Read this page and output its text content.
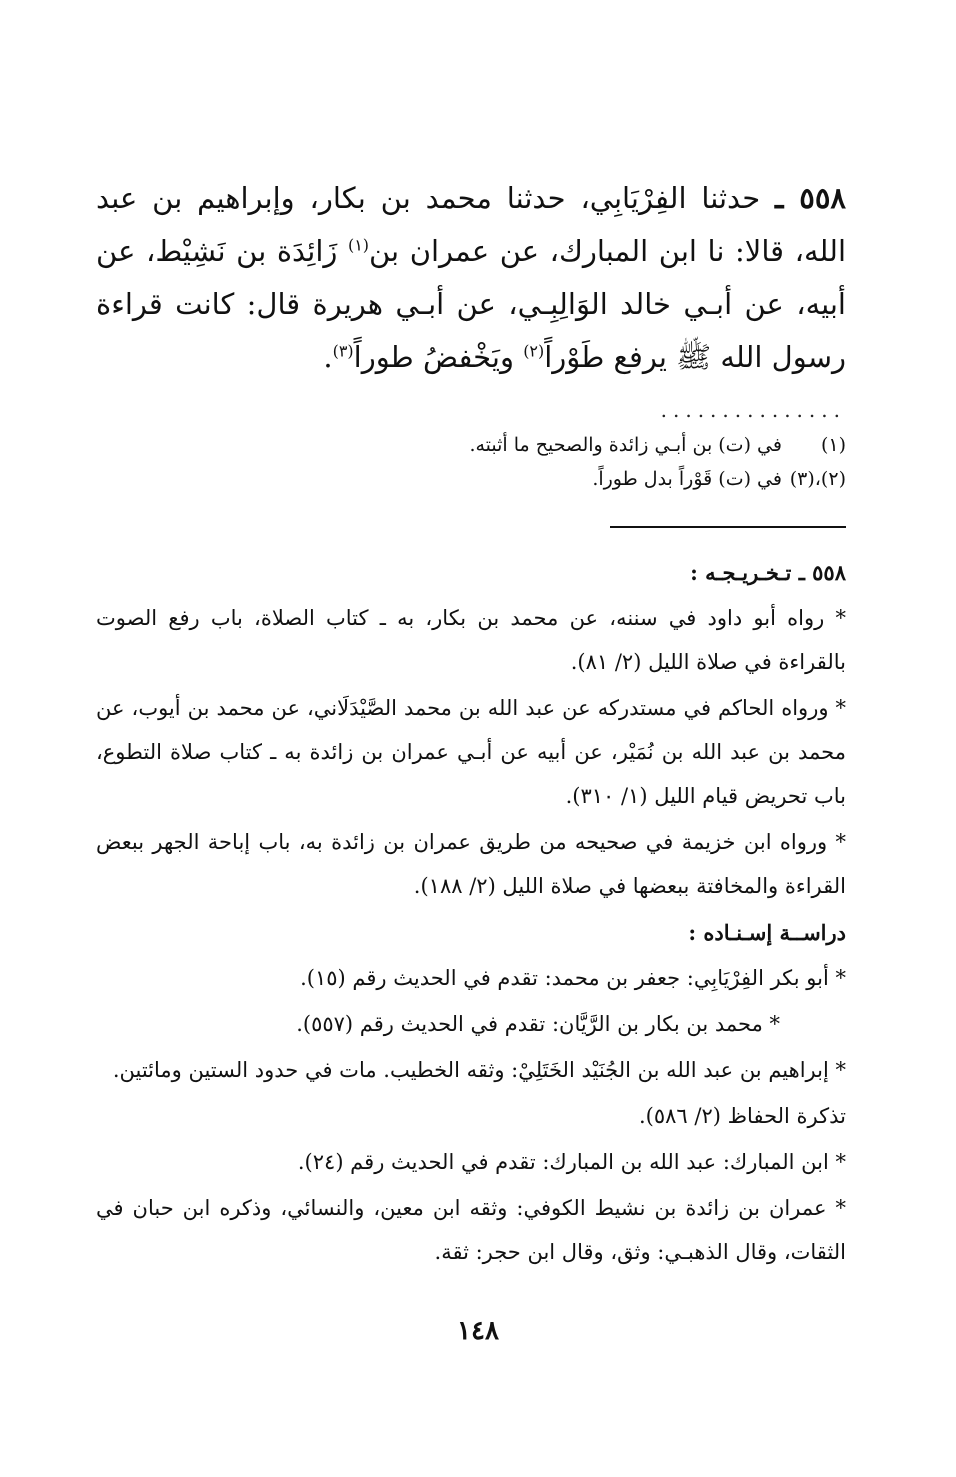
٥٥٨ ـ حدثنا الفِرْيَابِي، حدثنا محمد بن بكار، وإبراهيم بن عبد الله، قالا: نا ابن المبارك، عن عمران بن$^{(١)}$ زَائِدَة بن نَشِيْط، عن أبيه، عن أبـي خالد الوَالِبِـي، عن أبـي هريرة قال: كانت قراءة رسول الله ﷺ يرفع طَوْراً$^{(٢)}$ ويَخْفضُ طوراً$^{(٣)}$.

...............

(١) في (ت) بن أبـي زائدة والصحيح ما أثبته.

(٢)،(٣) في (ت) قَوْراً بدل طوراً.

٥٥٨ ـ تـخـريـجـه :

* رواه أبو داود في سننه، عن محمد بن بكار، به ـ كتاب الصلاة، باب رفع الصوت بالقراءة في صلاة الليل (٢/ ٨١).

* ورواه الحاكم في مستدركه عن عبد الله بن محمد الصَّيْدَلَاني، عن محمد بن أيوب، عن محمد بن عبد الله بن نُمَيْر، عن أبيه عن أبـي عمران بن زائدة به ـ كتاب صلاة التطوع، باب تحريض قيام الليل (١/ ٣١٠).

* ورواه ابن خزيمة في صحيحه من طريق عمران بن زائدة به، باب إباحة الجهر ببعض القراءة والمخافتة ببعضها في صلاة الليل (٢/ ١٨٨).

دراســة إسـنـاده :

* أبو بكر الفِرْيَابِي: جعفر بن محمد: تقدم في الحديث رقم (١٥).

* محمد بن بكار بن الرَّيَّان: تقدم في الحديث رقم (٥٥٧).

* إبراهيم بن عبد الله بن الجُنَيْد الخَتَلِيْ: وثقه الخطيب. مات في حدود الستين ومائتين.

تذكرة الحفاظ (٢/ ٥٨٦).

* ابن المبارك: عبد الله بن المبارك: تقدم في الحديث رقم (٢٤).

* عمران بن زائدة بن نشيط الكوفي: وثقه ابن معين، والنسائي، وذكره ابن حبان في الثقات، وقال الذهبـي: وثق، وقال ابن حجر: ثقة.

١٤٨
